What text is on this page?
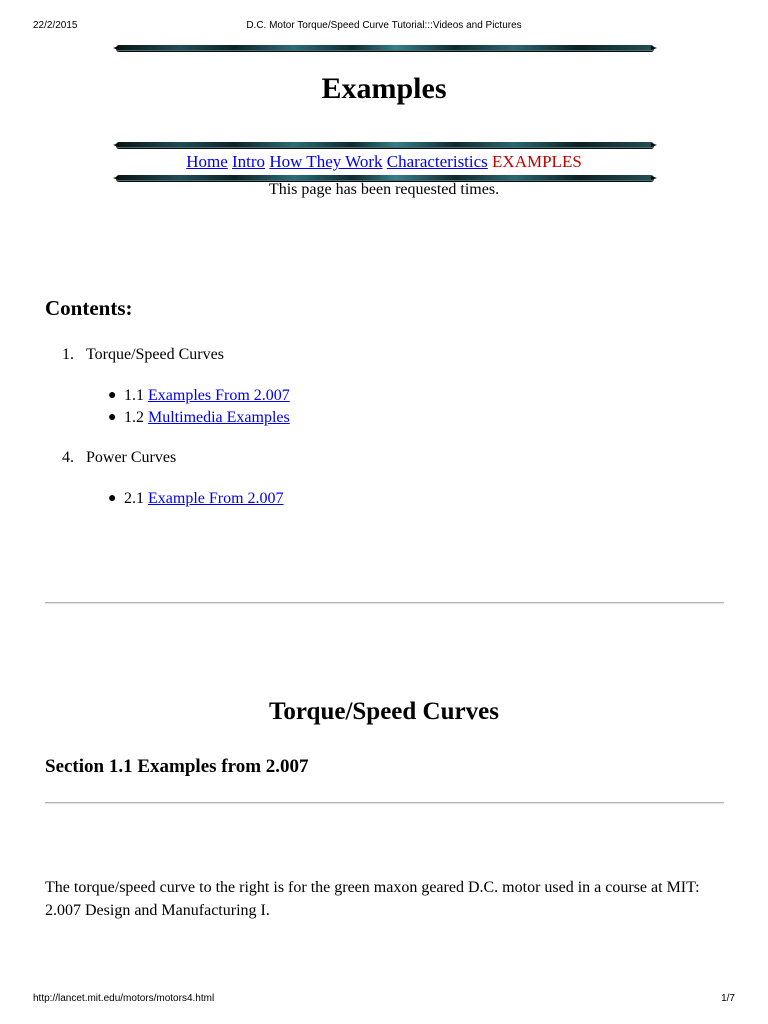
22/2/2015	D.C. Motor Torque/Speed Curve Tutorial:::Videos and Pictures
Examples
Home Intro How They Work Characteristics EXAMPLES
This page has been requested times.
Contents:
1. Torque/Speed Curves
● 1.1 Examples From 2.007
● 1.2 Multimedia Examples
4. Power Curves
● 2.1 Example From 2.007
Torque/Speed Curves
Section 1.1 Examples from 2.007

The torque/speed curve to the right is for the green maxon geared D.C. motor used in a course at MIT: 2.007 Design and Manufacturing I.

http://lancet.mit.edu/motors/motors4.html	1/7
